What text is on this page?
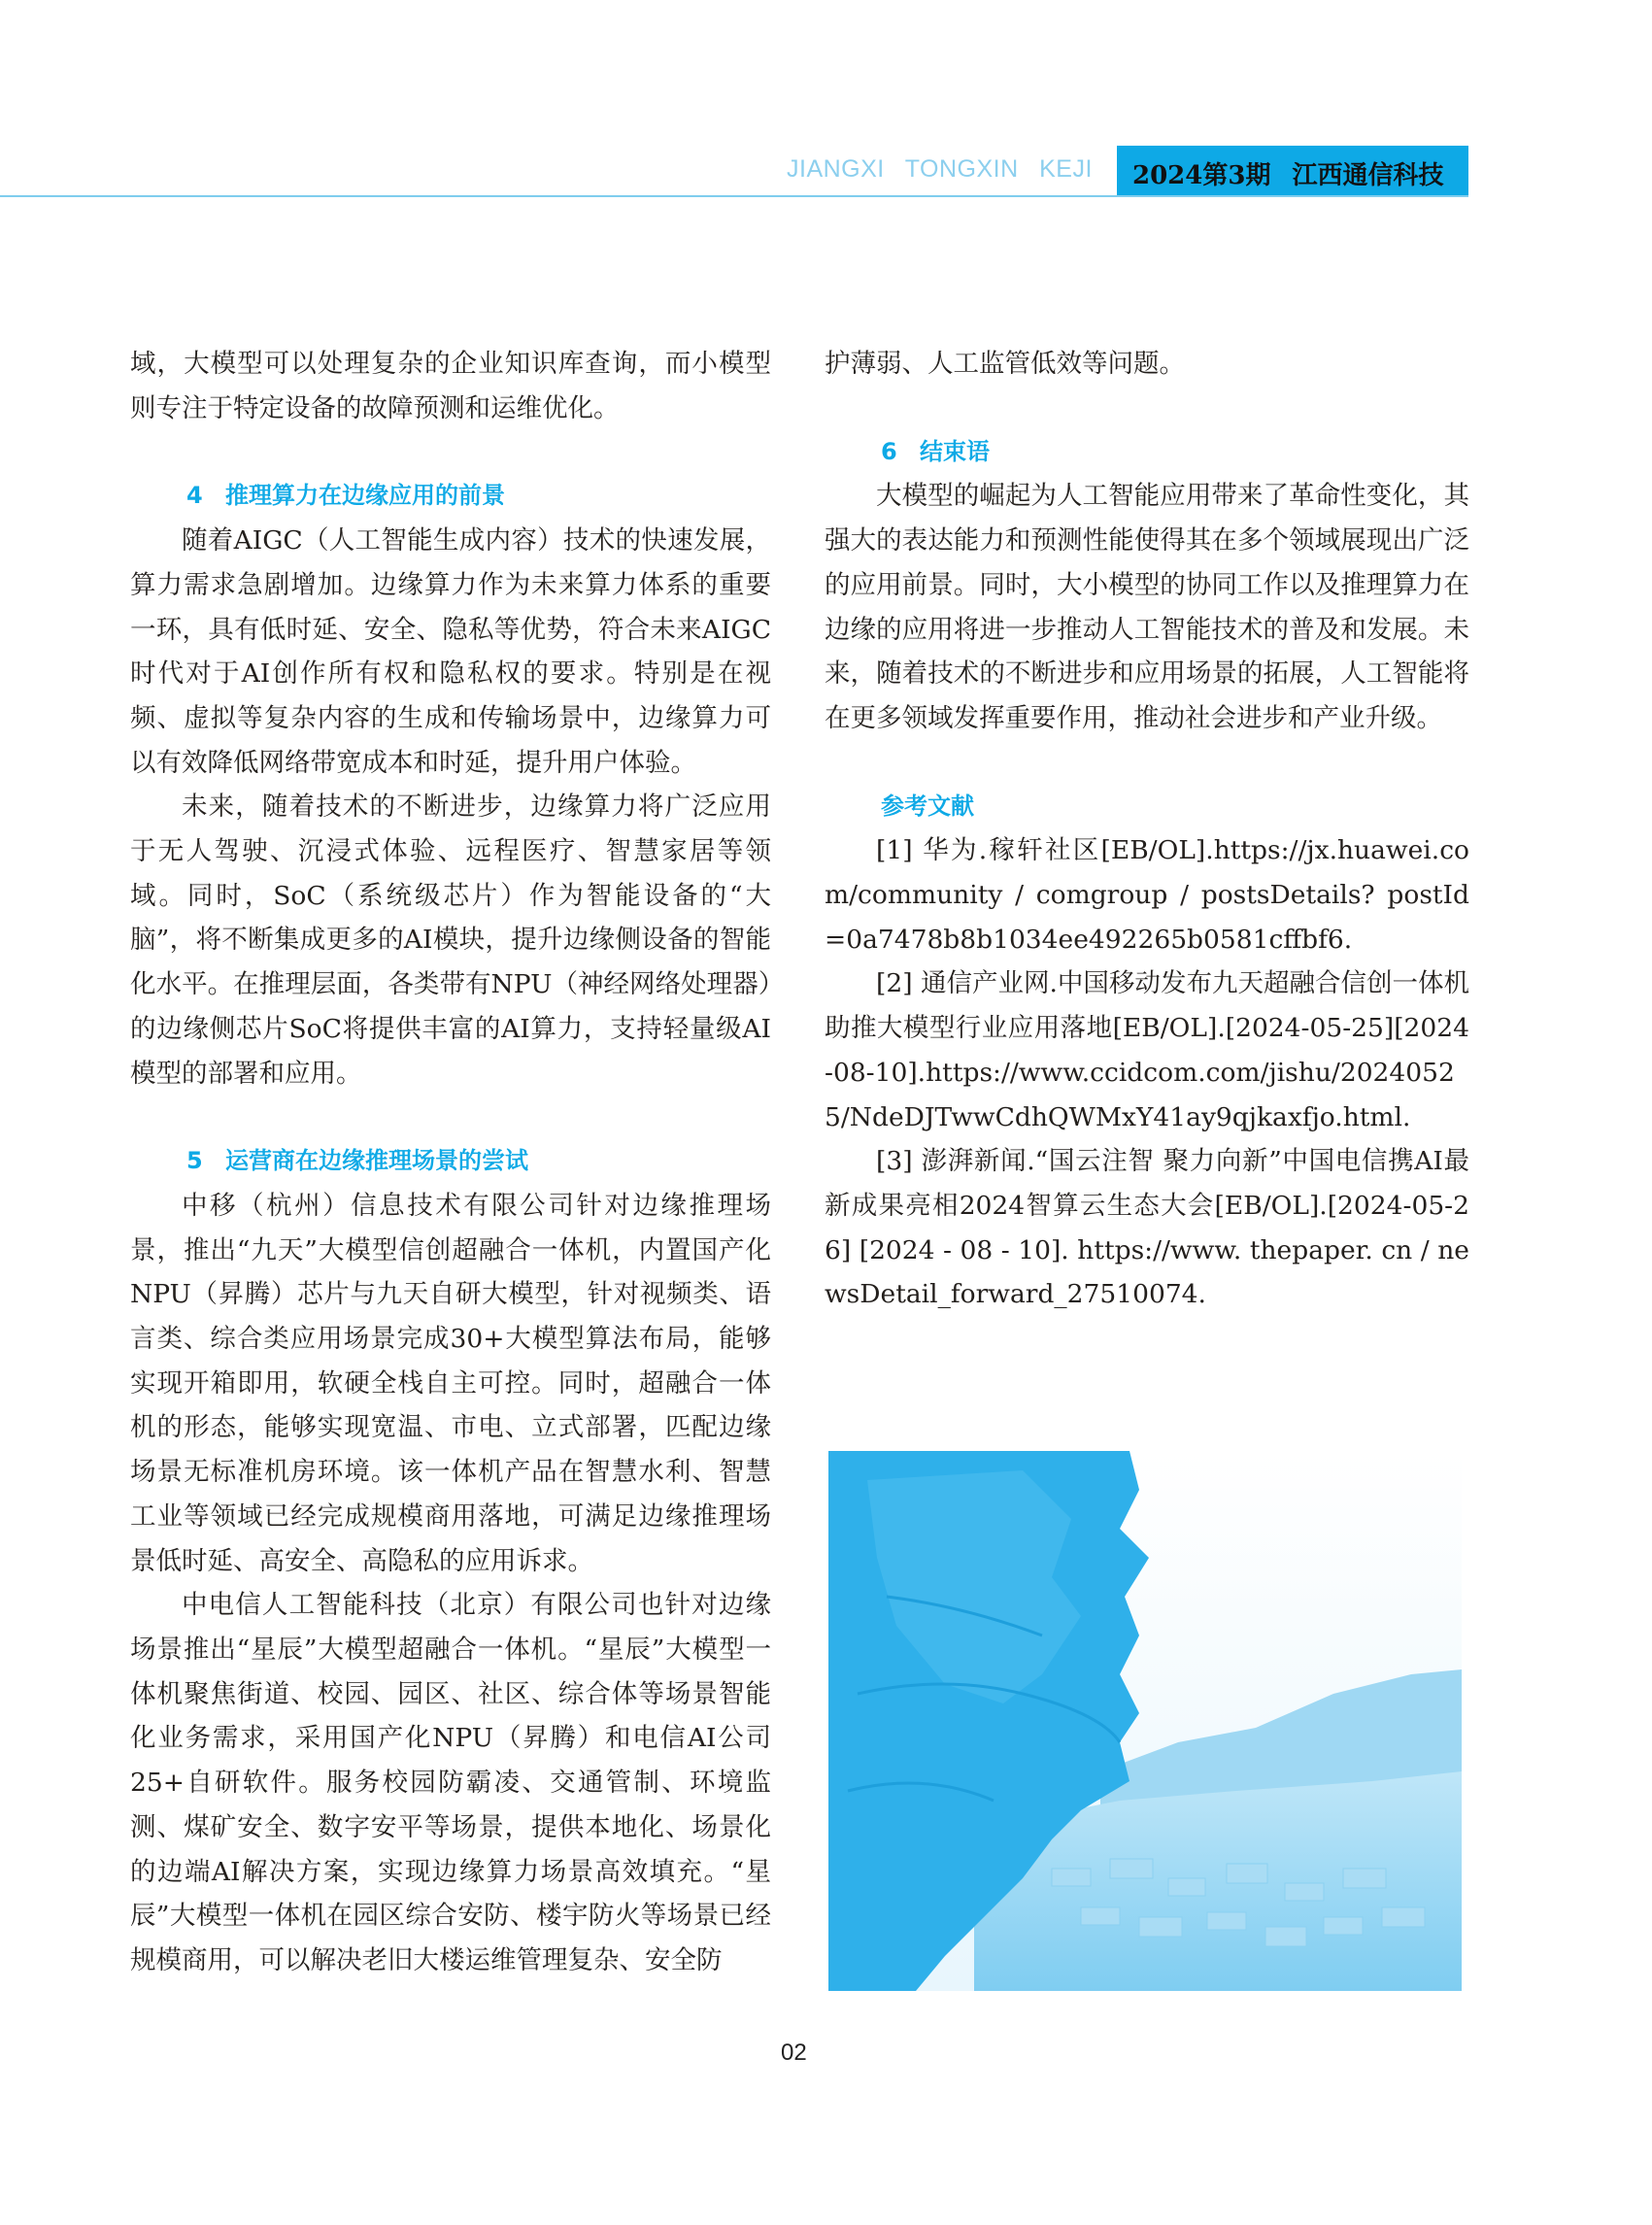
JIANGXI TONGXIN KEJI 2024第3期 江西通信科技

域，大模型可以处理复杂的企业知识库查询，而小模型则专注于特定设备的故障预测和运维优化。

4 推理算力在边缘应用的前景

随着AIGC（人工智能生成内容）技术的快速发展，算力需求急剧增加。边缘算力作为未来算力体系的重要一环，具有低时延、安全、隐私等优势，符合未来AIGC时代对于AI创作所有权和隐私权的要求。特别是在视频、虚拟等复杂内容的生成和传输场景中，边缘算力可以有效降低网络带宽成本和时延，提升用户体验。

未来，随着技术的不断进步，边缘算力将广泛应用于无人驾驶、沉浸式体验、远程医疗、智慧家居等领域。同时，SoC（系统级芯片）作为智能设备的“大脑”，将不断集成更多的AI模块，提升边缘侧设备的智能化水平。在推理层面，各类带有NPU（神经网络处理器）的边缘侧芯片SoC将提供丰富的AI算力，支持轻量级AI模型的部署和应用。

5 运营商在边缘推理场景的尝试

中移（杭州）信息技术有限公司针对边缘推理场景，推出“九天”大模型信创超融合一体机，内置国产化NPU（昇腾）芯片与九天自研大模型，针对视频类、语言类、综合类应用场景完成30+大模型算法布局，能够实现开箱即用，软硬全栈自主可控。同时，超融合一体机的形态，能够实现宽温、市电、立式部署，匹配边缘场景无标准机房环境。该一体机产品在智慧水利、智慧工业等领域已经完成规模商用落地，可满足边缘推理场景低时延、高安全、高隐私的应用诉求。

中电信人工智能科技（北京）有限公司也针对边缘场景推出“星辰”大模型超融合一体机。“星辰”大模型一体机聚焦街道、校园、园区、社区、综合体等场景智能化业务需求，采用国产化NPU（昇腾）和电信AI公司25+自研软件。服务校园防霸凌、交通管制、环境监测、煤矿安全、数字安平等场景，提供本地化、场景化的边端AI解决方案，实现边缘算力场景高效填充。“星辰”大模型一体机在园区综合安防、楼宇防火等场景已经规模商用，可以解决老旧大楼运维管理复杂、安全防

护薄弱、人工监管低效等问题。

6 结束语

大模型的崛起为人工智能应用带来了革命性变化，其强大的表达能力和预测性能使得其在多个领域展现出广泛的应用前景。同时，大小模型的协同工作以及推理算力在边缘的应用将进一步推动人工智能技术的普及和发展。未来，随着技术的不断进步和应用场景的拓展，人工智能将在更多领域发挥重要作用，推动社会进步和产业升级。

参考文献

[1] 华为.稼轩社区[EB/OL].https://jx.huawei.com/community / comgroup / postsDetails? postId=0a7478b8b1034ee492265b0581cffbf6.

[2] 通信产业网.中国移动发布九天超融合信创一体机助推大模型行业应用落地[EB/OL].[2024-05-25][2024-08-10].https://www.ccidcom.com/jishu/20240525/NdeDJTwwCdhQWMxY41ay9qjkaxfjo.html.

[3] 澎湃新闻.“国云注智 聚力向新”中国电信携AI最新成果亮相2024智算云生态大会[EB/OL].[2024-05-26] [2024 - 08 - 10]. https://www. thepaper. cn / newsDetail_forward_27510074.

02
